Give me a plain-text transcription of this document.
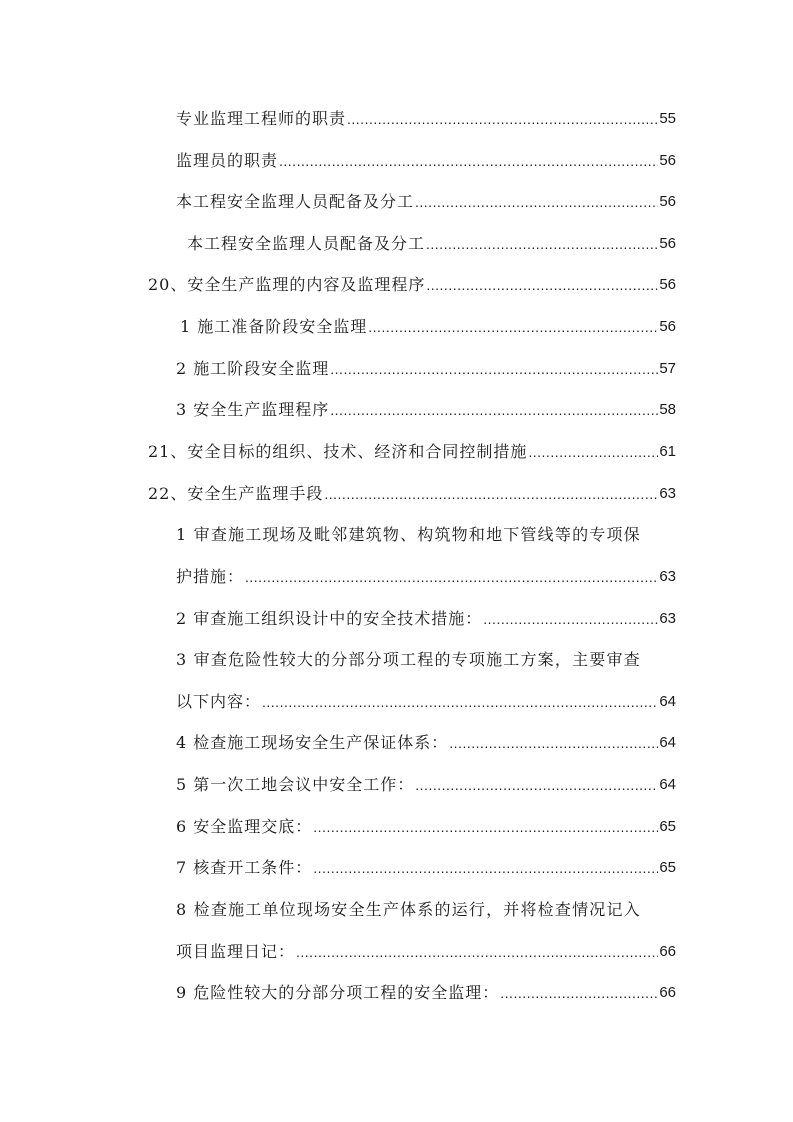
专业监理工程师的职责 .....	55
监理员的职责 .....	56
本工程安全监理人员配备及分工 .....	56
本工程安全监理人员配备及分工 .....	56
20、安全生产监理的内容及监理程序 .....	56
1 施工准备阶段安全监理 .....	56
2 施工阶段安全监理 .....	57
3 安全生产监理程序 .....	58
21、安全目标的组织、技术、经济和合同控制措施 .....	61
22、安全生产监理手段 .....	63
1 审查施工现场及毗邻建筑物、构筑物和地下管线等的专项保
护措施： .....	63
2 审查施工组织设计中的安全技术措施： .....	63
3 审查危险性较大的分部分项工程的专项施工方案，主要审查
以下内容： .....	64
4 检查施工现场安全生产保证体系： .....	64
5 第一次工地会议中安全工作： .....	64
6 安全监理交底： .....	65
7 核查开工条件： .....	65
8 检查施工单位现场安全生产体系的运行，并将检查情况记入
项目监理日记： .....	66
9 危险性较大的分部分项工程的安全监理： .....	66
